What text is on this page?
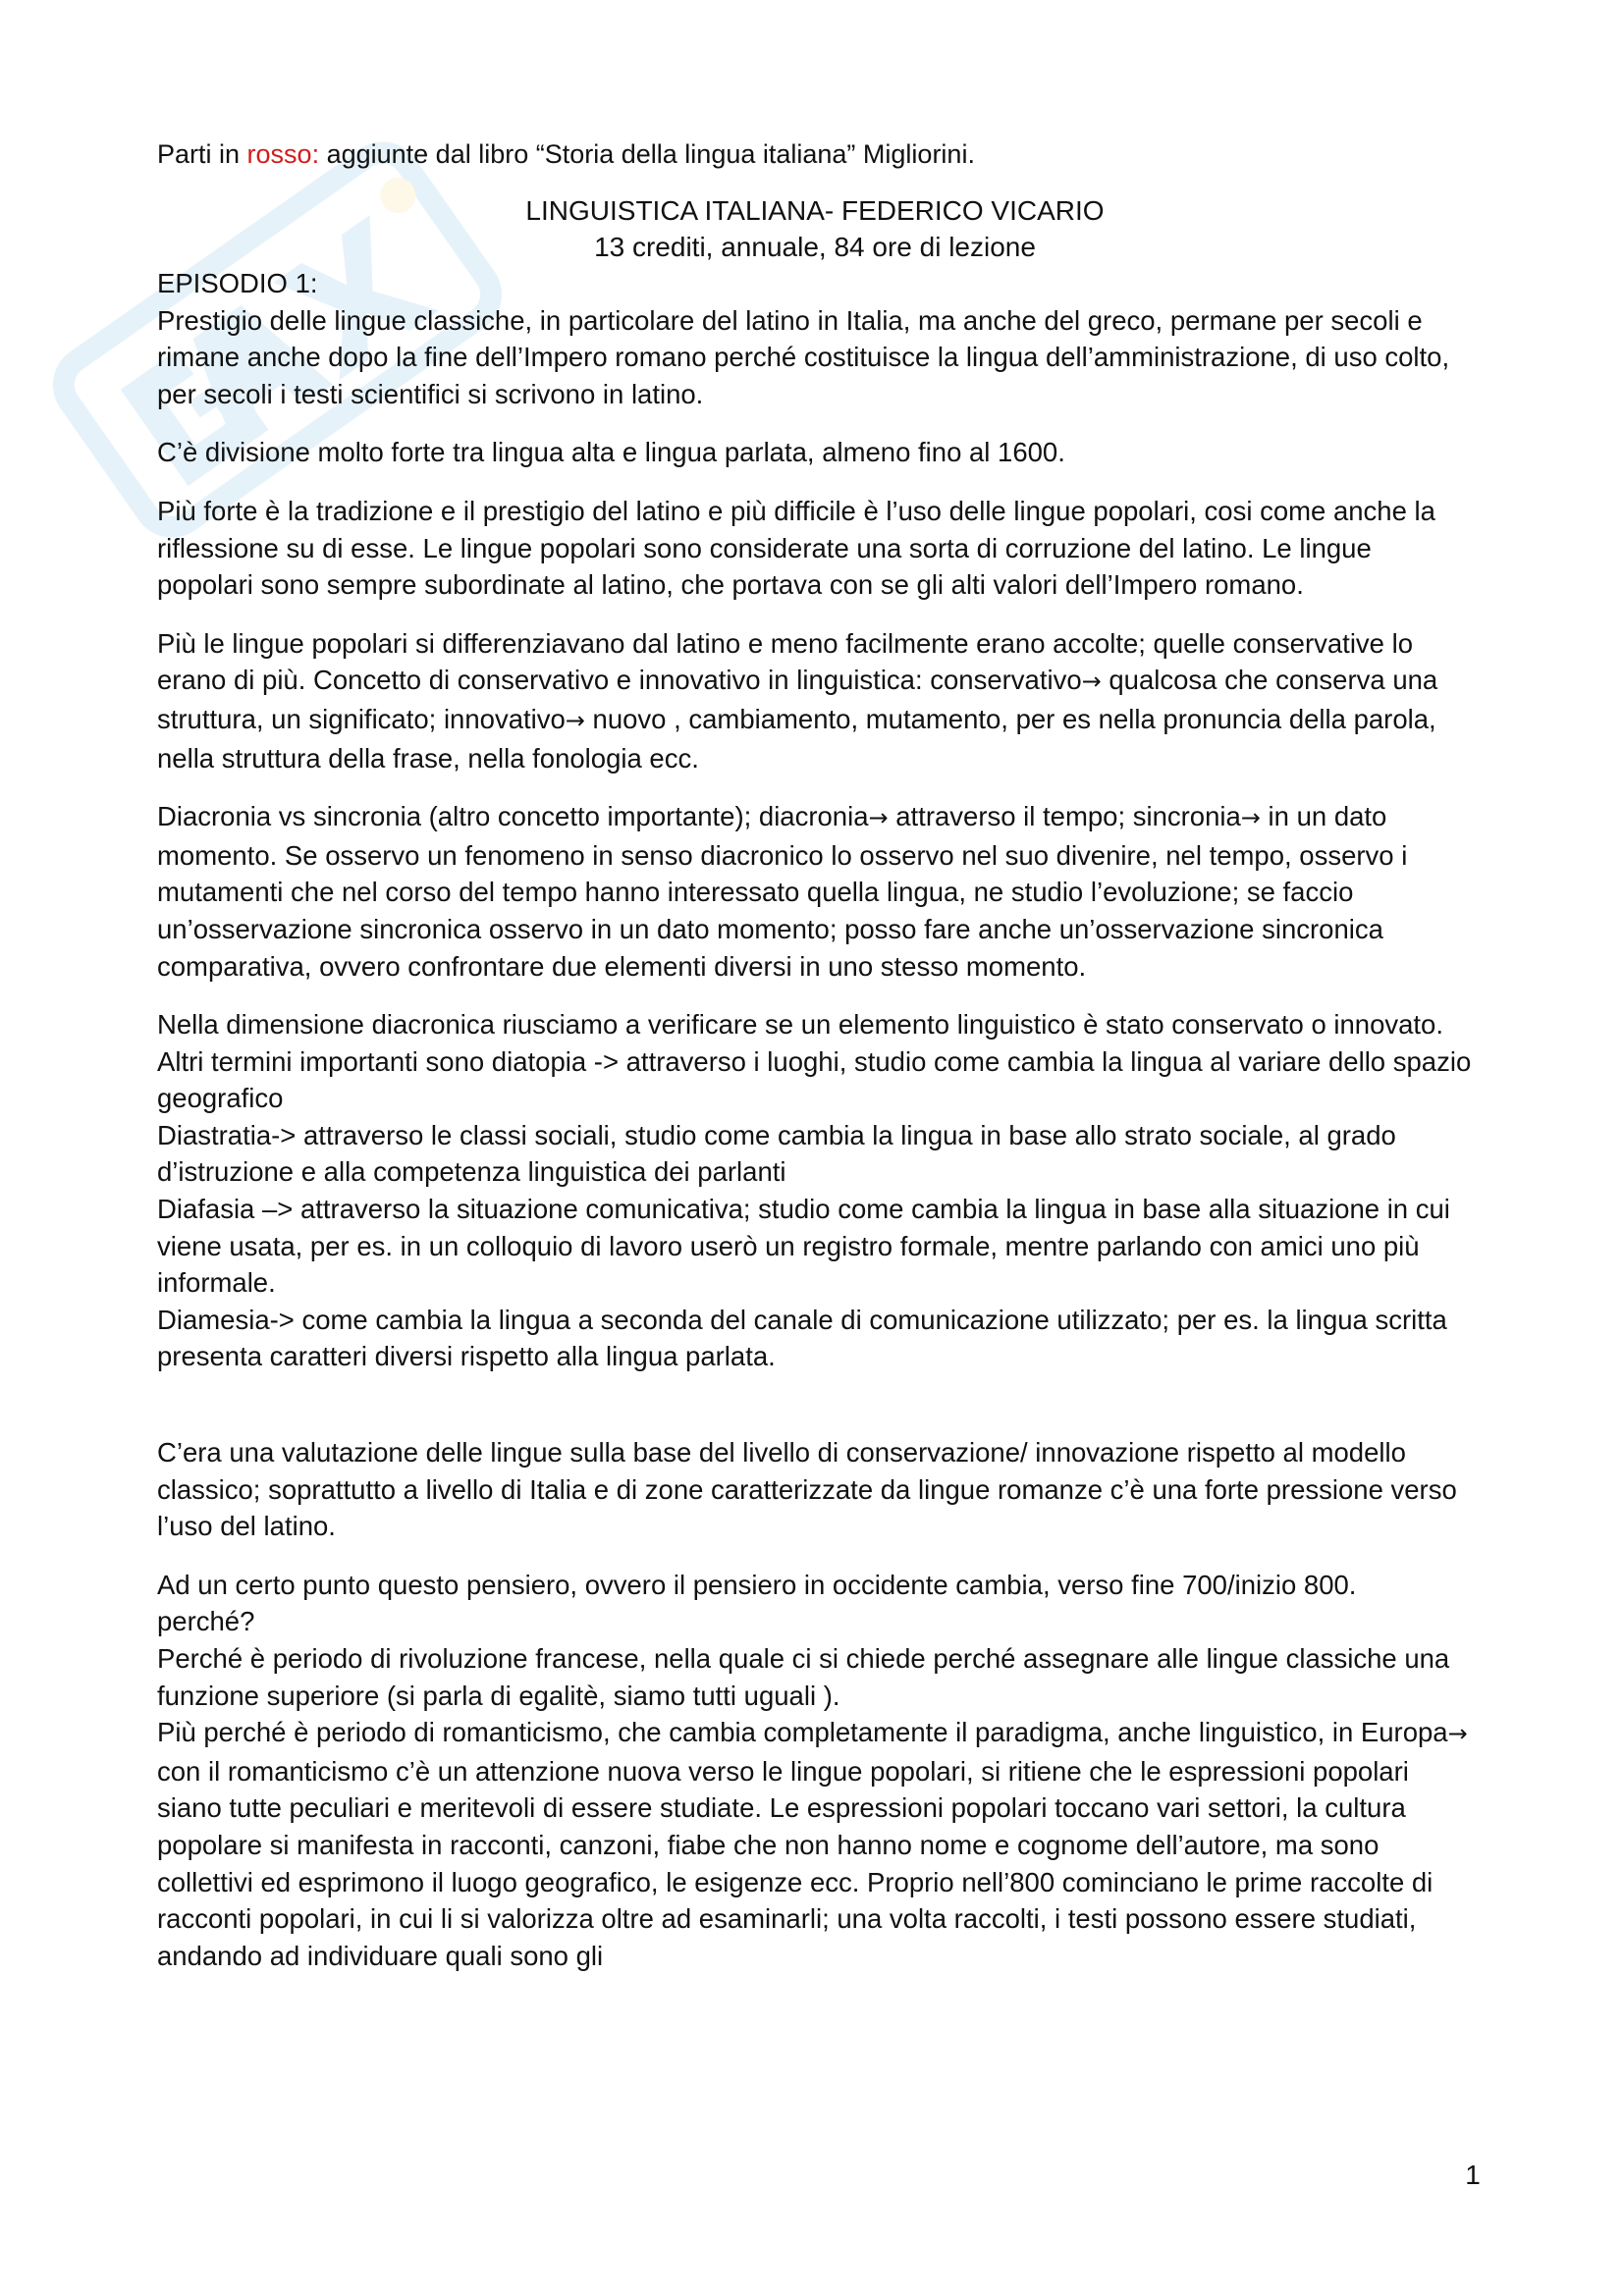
Parti in rosso: aggiunte dal libro “Storia della lingua italiana” Migliorini.
LINGUISTICA ITALIANA- FEDERICO VICARIO
13 crediti, annuale, 84 ore di lezione

EPISODIO 1:

Prestigio delle lingue classiche, in particolare del latino in Italia, ma anche del greco, permane per secoli e rimane anche dopo la fine dell’Impero romano perché costituisce la lingua dell’amministrazione, di uso colto, per secoli i testi scientifici si scrivono in latino.

C’è divisione molto forte tra lingua alta e lingua parlata, almeno fino al 1600.

Più forte è la tradizione e il prestigio del latino e più difficile è l’uso delle lingue popolari, cosi come anche la riflessione su di esse. Le lingue popolari sono considerate una sorta di corruzione del latino. Le lingue popolari sono sempre subordinate al latino, che portava con se gli alti valori dell’Impero romano.

Più le lingue popolari si differenziavano dal latino e meno facilmente erano accolte; quelle conservative lo erano di più. Concetto di conservativo e innovativo in linguistica: conservativo→ qualcosa che conserva una struttura, un significato; innovativo→ nuovo , cambiamento, mutamento, per es nella pronuncia della parola, nella struttura della frase, nella fonologia ecc.

Diacronia vs sincronia (altro concetto importante); diacronia→ attraverso il tempo; sincronia→ in un dato momento. Se osservo un fenomeno in senso diacronico lo osservo nel suo divenire, nel tempo, osservo i mutamenti che nel corso del tempo hanno interessato quella lingua, ne studio l’evoluzione; se faccio un’osservazione sincronica osservo in un dato momento; posso fare anche un’osservazione sincronica comparativa, ovvero confrontare due elementi diversi in uno stesso momento.

Nella dimensione diacronica riusciamo a verificare se un elemento linguistico è stato conservato o innovato.

Altri termini importanti sono diatopia -> attraverso i luoghi, studio come cambia la lingua al variare dello spazio geografico

Diastratia-> attraverso le classi sociali, studio come cambia la lingua in base allo strato sociale, al grado d’istruzione e alla competenza linguistica dei parlanti

Diafasia –> attraverso la situazione comunicativa; studio come cambia la lingua in base alla situazione in cui viene usata, per es. in un colloquio di lavoro userò un registro formale, mentre parlando con amici uno più informale.

Diamesia-> come cambia la lingua a seconda del canale di comunicazione utilizzato; per es. la lingua scritta presenta caratteri diversi rispetto alla lingua parlata.

C’era una valutazione delle lingue sulla base del livello di conservazione/ innovazione rispetto al modello classico; soprattutto a livello di Italia e di zone caratterizzate da lingue romanze c’è una forte pressione verso l’uso del latino.

Ad un certo punto questo pensiero, ovvero il pensiero in occidente cambia, verso fine 700/inizio 800.

perché?

Perché è periodo di rivoluzione francese, nella quale ci si chiede perché assegnare alle lingue classiche una funzione superiore (si parla di egalitè, siamo tutti uguali ).

Più perché è periodo di romanticismo, che cambia completamente il paradigma, anche linguistico, in Europa→ con il romanticismo c’è un attenzione nuova verso le lingue popolari, si ritiene che le espressioni popolari siano tutte peculiari e meritevoli di essere studiate. Le espressioni popolari toccano vari settori, la cultura popolare si manifesta in racconti, canzoni, fiabe che non hanno nome e cognome dell’autore, ma sono collettivi ed esprimono il luogo geografico, le esigenze ecc. Proprio nell’800 cominciano le prime raccolte di racconti popolari, in cui li si valorizza oltre ad esaminarli; una volta raccolti, i testi possono essere studiati, andando ad individuare quali sono gli

1
